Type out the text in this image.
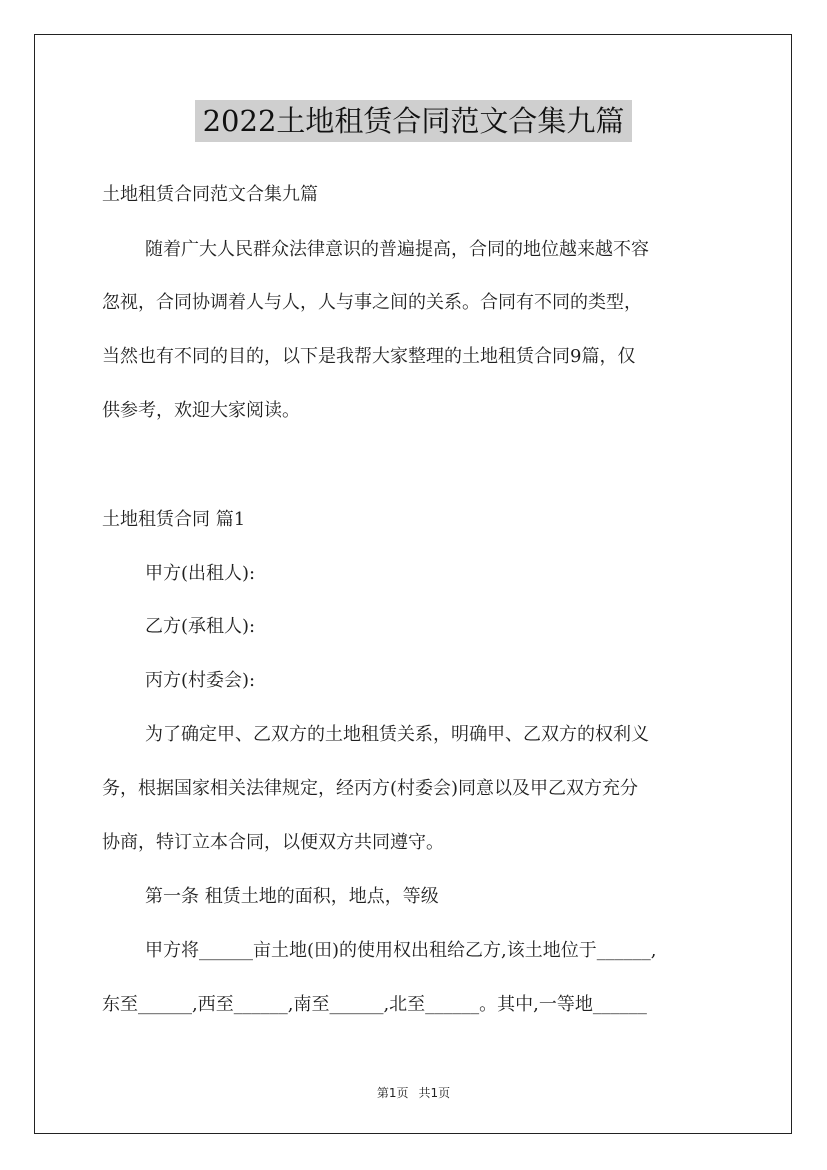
2022土地租赁合同范文合集九篇
土地租赁合同范文合集九篇
随着广大人民群众法律意识的普遍提高，合同的地位越来越不容
忽视，合同协调着人与人，人与事之间的关系。合同有不同的类型，
当然也有不同的目的，以下是我帮大家整理的土地租赁合同9篇，仅
供参考，欢迎大家阅读。
土地租赁合同 篇1
甲方(出租人):
乙方(承租人):
丙方(村委会):
为了确定甲、乙双方的土地租赁关系，明确甲、乙双方的权利义
务，根据国家相关法律规定，经丙方(村委会)同意以及甲乙双方充分
协商，特订立本合同，以便双方共同遵守。
第一条 租赁土地的面积，地点，等级
甲方将______亩土地(田)的使用权出租给乙方,该土地位于______,
东至______,西至______,南至______,北至______。其中,一等地______
第1页 共1页
